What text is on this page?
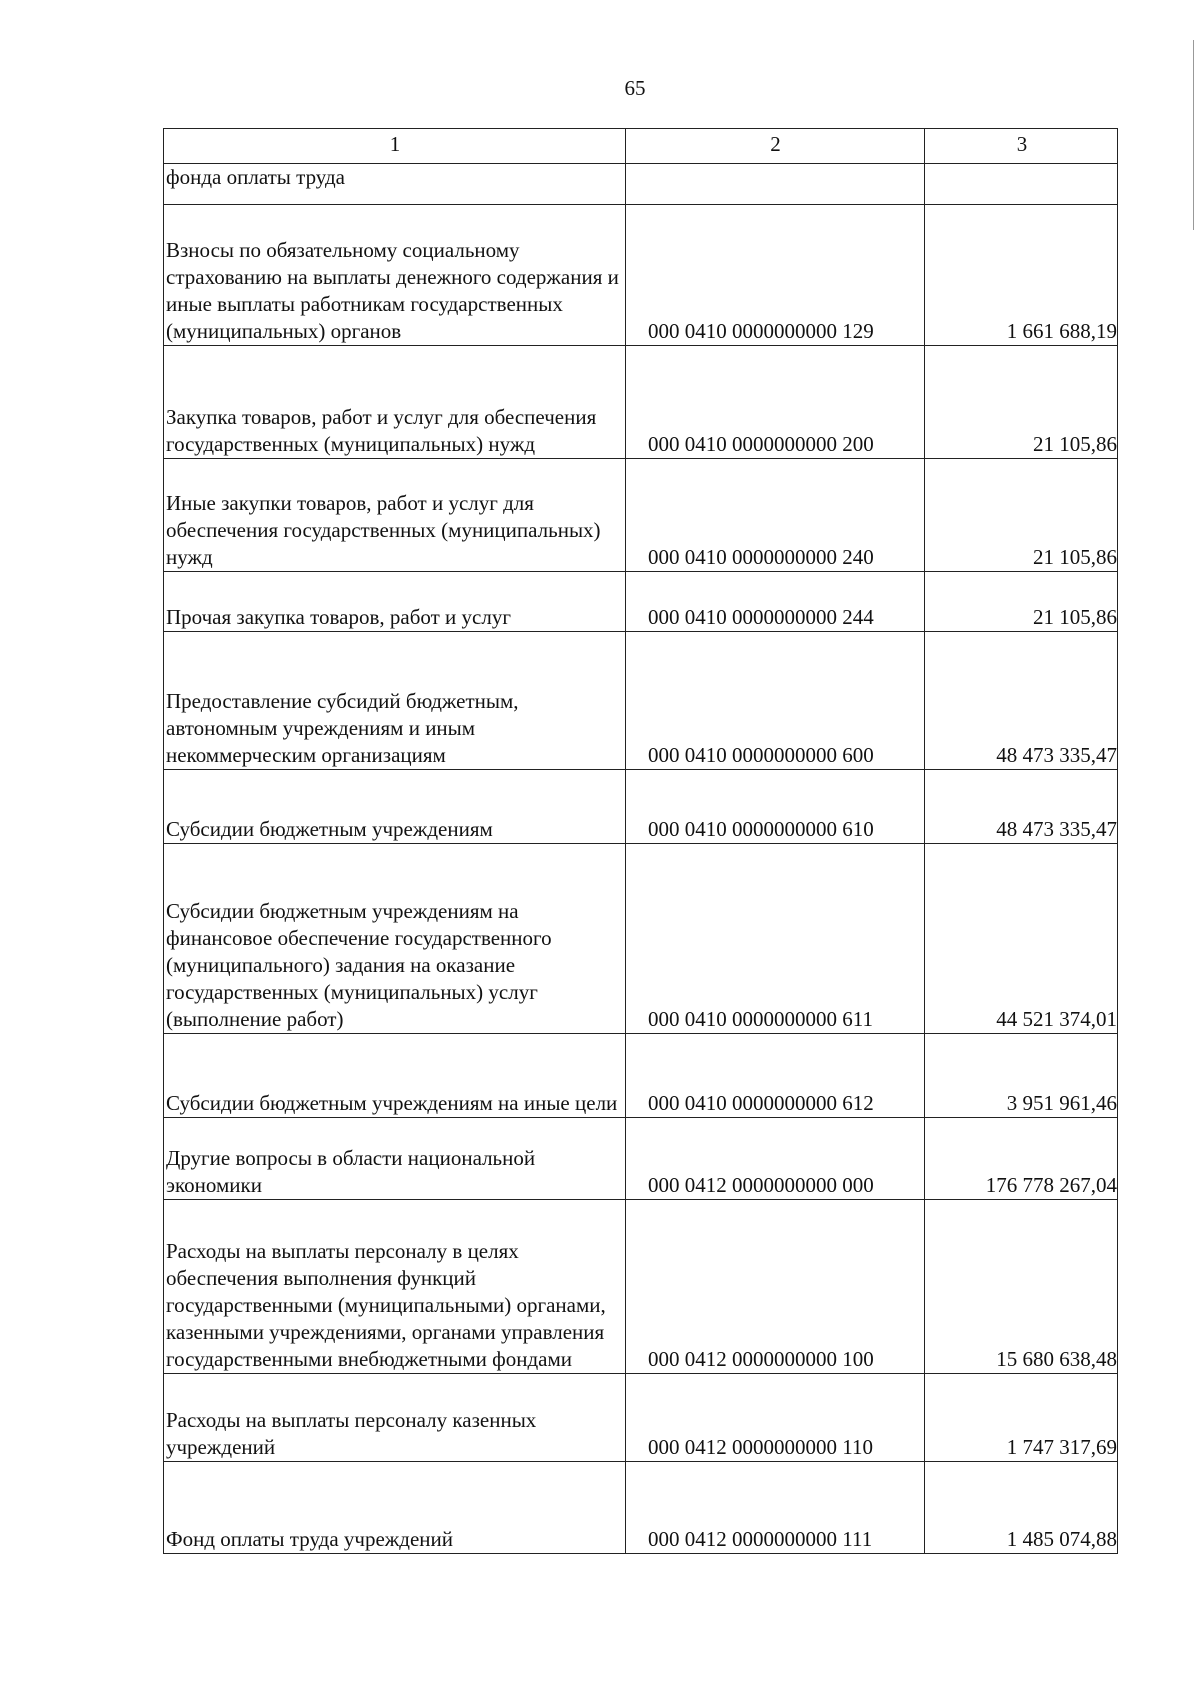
65
1	2	3
фонда оплаты труда		
Взносы по обязательному социальному страхованию на выплаты денежного содержания и иные выплаты работникам государственных (муниципальных) органов	000 0410 0000000000 129	1 661 688,19
Закупка товаров, работ и услуг для обеспечения государственных (муниципальных) нужд	000 0410 0000000000 200	21 105,86
Иные закупки товаров, работ и услуг для обеспечения государственных (муниципальных) нужд	000 0410 0000000000 240	21 105,86
Прочая закупка товаров, работ и услуг	000 0410 0000000000 244	21 105,86
Предоставление субсидий бюджетным, автономным учреждениям и иным некоммерческим организациям	000 0410 0000000000 600	48 473 335,47
Субсидии бюджетным учреждениям	000 0410 0000000000 610	48 473 335,47
Субсидии бюджетным учреждениям на финансовое обеспечение государственного (муниципального) задания на оказание государственных (муниципальных) услуг (выполнение работ)	000 0410 0000000000 611	44 521 374,01
Субсидии бюджетным учреждениям на иные цели	000 0410 0000000000 612	3 951 961,46
Другие вопросы в области национальной экономики	000 0412 0000000000 000	176 778 267,04
Расходы на выплаты персоналу в целях обеспечения выполнения функций государственными (муниципальными) органами, казенными учреждениями, органами управления государственными внебюджетными фондами	000 0412 0000000000 100	15 680 638,48
Расходы на выплаты персоналу казенных учреждений	000 0412 0000000000 110	1 747 317,69
Фонд оплаты труда учреждений	000 0412 0000000000 111	1 485 074,88
